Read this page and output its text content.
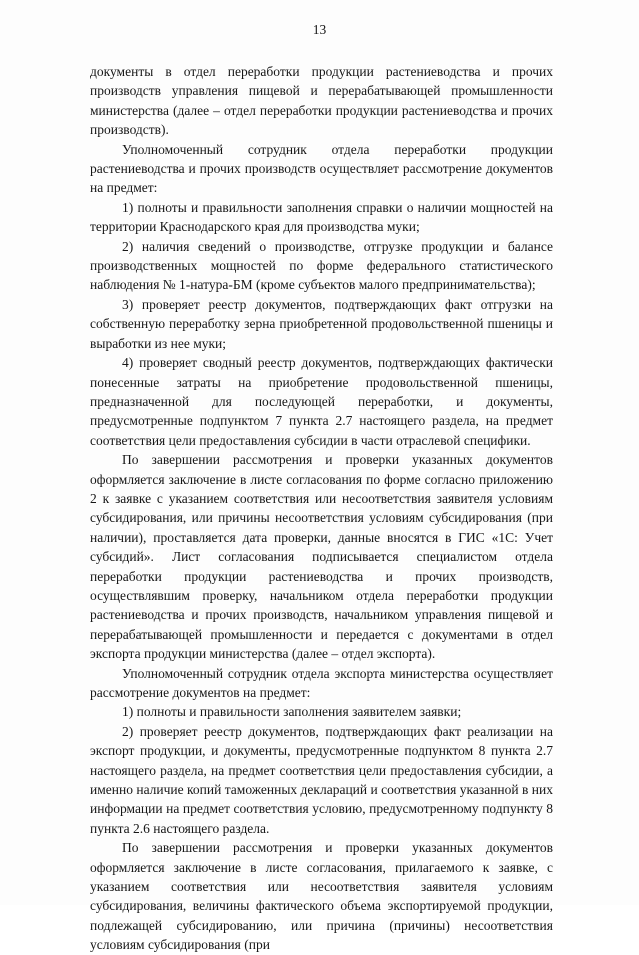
13

документы в отдел переработки продукции растениеводства и прочих производств управления пищевой и перерабатывающей промышленности министерства (далее – отдел переработки продукции растениеводства и прочих производств).

Уполномоченный сотрудник отдела переработки продукции растениеводства и прочих производств осуществляет рассмотрение документов на предмет:

1) полноты и правильности заполнения справки о наличии мощностей на территории Краснодарского края для производства муки;

2) наличия сведений о производстве, отгрузке продукции и балансе производственных мощностей по форме федерального статистического наблюдения № 1-натура-БМ (кроме субъектов малого предпринимательства);

3) проверяет реестр документов, подтверждающих факт отгрузки на собственную переработку зерна приобретенной продовольственной пшеницы и выработки из нее муки;

4) проверяет сводный реестр документов, подтверждающих фактически понесенные затраты на приобретение продовольственной пшеницы, предназначенной для последующей переработки, и документы, предусмотренные подпунктом 7 пункта 2.7 настоящего раздела, на предмет соответствия цели предоставления субсидии в части отраслевой специфики.

По завершении рассмотрения и проверки указанных документов оформляется заключение в листе согласования по форме согласно приложению 2 к заявке с указанием соответствия или несоответствия заявителя условиям субсидирования, или причины несоответствия условиям субсидирования (при наличии), проставляется дата проверки, данные вносятся в ГИС «1С: Учет субсидий». Лист согласования подписывается специалистом отдела переработки продукции растениеводства и прочих производств, осуществлявшим проверку, начальником отдела переработки продукции растениеводства и прочих производств, начальником управления пищевой и перерабатывающей промышленности и передается с документами в отдел экспорта продукции министерства (далее – отдел экспорта).

Уполномоченный сотрудник отдела экспорта министерства осуществляет рассмотрение документов на предмет:

1) полноты и правильности заполнения заявителем заявки;

2) проверяет реестр документов, подтверждающих факт реализации на экспорт продукции, и документы, предусмотренные подпунктом 8 пункта 2.7 настоящего раздела, на предмет соответствия цели предоставления субсидии, а именно наличие копий таможенных деклараций и соответствия указанной в них информации на предмет соответствия условию, предусмотренному подпункту 8 пункта 2.6 настоящего раздела.

По завершении рассмотрения и проверки указанных документов оформляется заключение в листе согласования, прилагаемого к заявке, с указанием соответствия или несоответствия заявителя условиям субсидирования, величины фактического объема экспортируемой продукции, подлежащей субсидированию, или причина (причины) несоответствия условиям субсидирования (при
